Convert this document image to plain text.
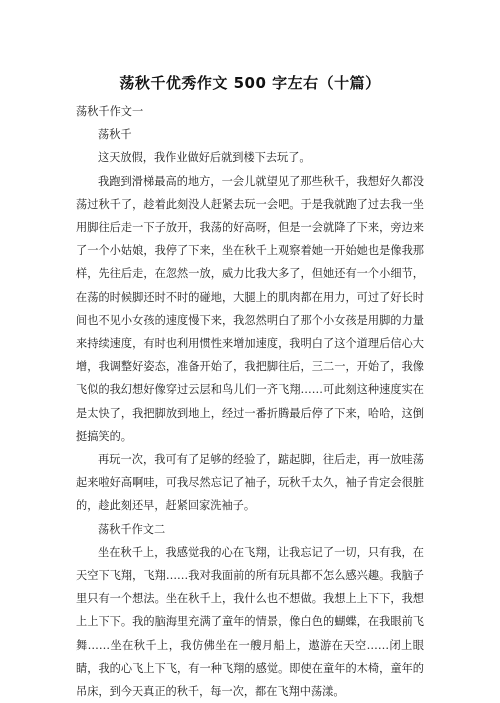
荡秋千优秀作文 500 字左右（十篇）

荡秋千作文一

荡秋千

这天放假，我作业做好后就到楼下去玩了。

我跑到滑梯最高的地方，一会儿就望见了那些秋千，我想好久都没荡过秋千了，趁着此刻没人赶紧去玩一会吧。于是我就跑了过去我一坐用脚往后走一下子放开，我荡的好高呀，但是一会就降了下来，旁边来了一个小姑娘，我停了下来，坐在秋千上观察着她一开始她也是像我那样，先往后走，在忽然一放，威力比我大多了，但她还有一个小细节，在荡的时候脚还时不时的碰地，大腿上的肌肉都在用力，可过了好长时间也不见小女孩的速度慢下来，我忽然明白了那个小女孩是用脚的力量来持续速度，有时也利用惯性来增加速度，我明白了这个道理后信心大增，我调整好姿态，准备开始了，我把脚往后，三二一，开始了，我像飞似的我幻想好像穿过云层和鸟儿们一齐飞翔……可此刻这种速度实在是太快了，我把脚放到地上，经过一番折腾最后停了下来，哈哈，这倒挺搞笑的。

再玩一次，我可有了足够的经验了，踮起脚，往后走，再一放哇荡起来啦好高啊哇，可我尽然忘记了袖子，玩秋千太久，袖子肯定会很脏的，趁此刻还早，赶紧回家洗袖子。

荡秋千作文二

坐在秋千上，我感觉我的心在飞翔，让我忘记了一切，只有我，在天空下飞翔，飞翔……我对我面前的所有玩具都不怎么感兴趣。我脑子里只有一个想法。坐在秋千上，我什么也不想做。我想上上下下，我想上上下下。我的脑海里充满了童年的情景，像白色的蝴蝶，在我眼前飞舞……坐在秋千上，我仿佛坐在一艘月船上，遨游在天空……闭上眼睛，我的心飞上下飞，有一种飞翔的感觉。即使在童年的木椅，童年的吊床，到今天真正的秋千，每一次，都在飞翔中荡漾。
